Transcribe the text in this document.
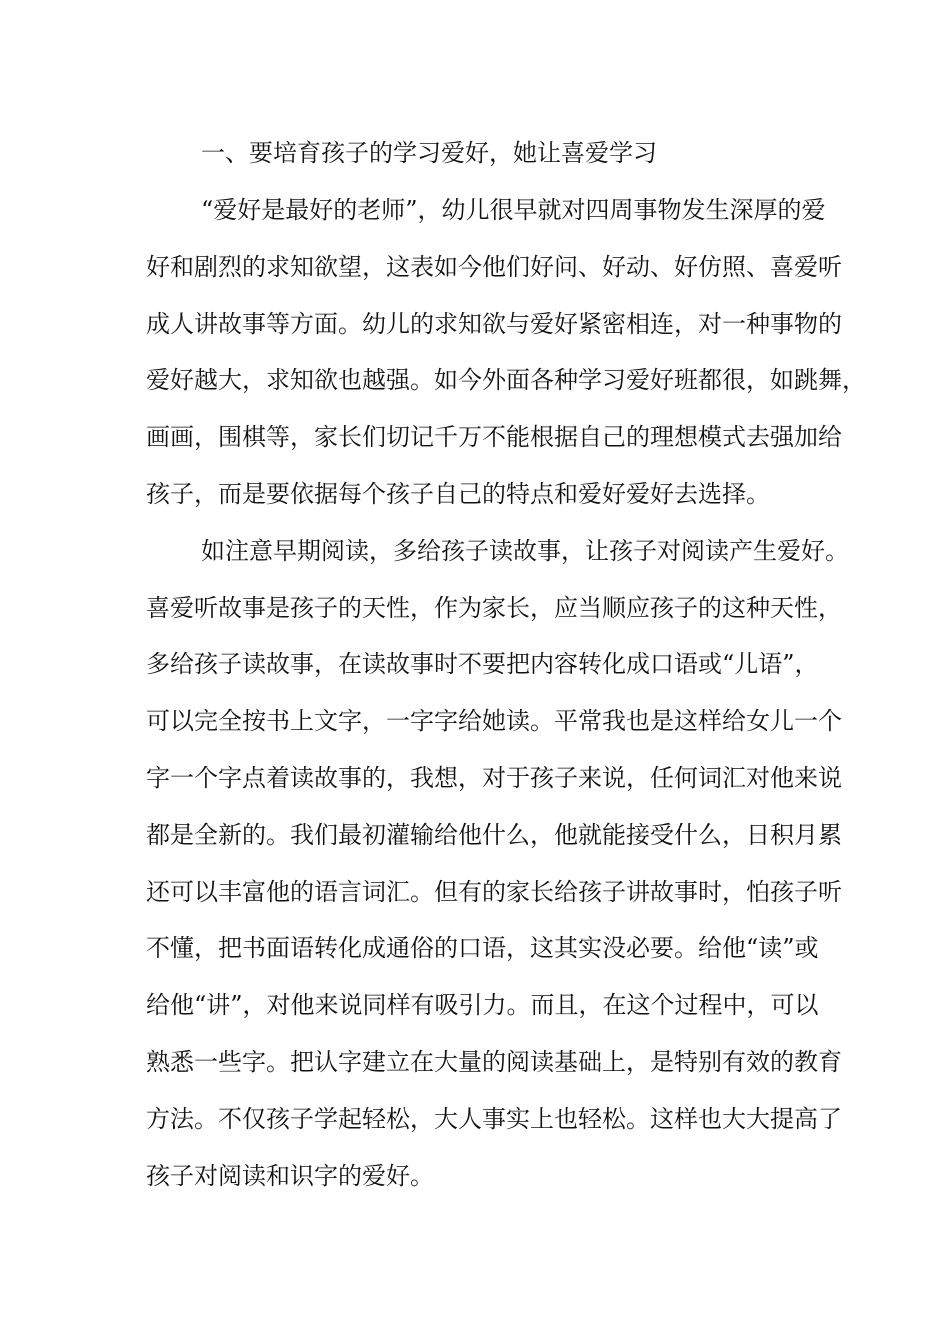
一、要培育孩子的学习爱好，她让喜爱学习
“爱好是最好的老师”，幼儿很早就对四周事物发生深厚的爱
好和剧烈的求知欲望，这表如今他们好问、好动、好仿照、喜爱听
成人讲故事等方面。幼儿的求知欲与爱好紧密相连，对一种事物的
爱好越大，求知欲也越强。如今外面各种学习爱好班都很，如跳舞，
画画，围棋等，家长们切记千万不能根据自己的理想模式去强加给
孩子，而是要依据每个孩子自己的特点和爱好爱好去选择。
如注意早期阅读，多给孩子读故事，让孩子对阅读产生爱好。
喜爱听故事是孩子的天性，作为家长，应当顺应孩子的这种天性，
多给孩子读故事，在读故事时不要把内容转化成口语或“儿语”，
可以完全按书上文字，一字字给她读。平常我也是这样给女儿一个
字一个字点着读故事的，我想，对于孩子来说，任何词汇对他来说
都是全新的。我们最初灌输给他什么，他就能接受什么，日积月累
还可以丰富他的语言词汇。但有的家长给孩子讲故事时，怕孩子听
不懂，把书面语转化成通俗的口语，这其实没必要。给他“读”或
给他“讲”，对他来说同样有吸引力。而且，在这个过程中，可以
熟悉一些字。把认字建立在大量的阅读基础上，是特别有效的教育
方法。不仅孩子学起轻松，大人事实上也轻松。这样也大大提高了
孩子对阅读和识字的爱好。
